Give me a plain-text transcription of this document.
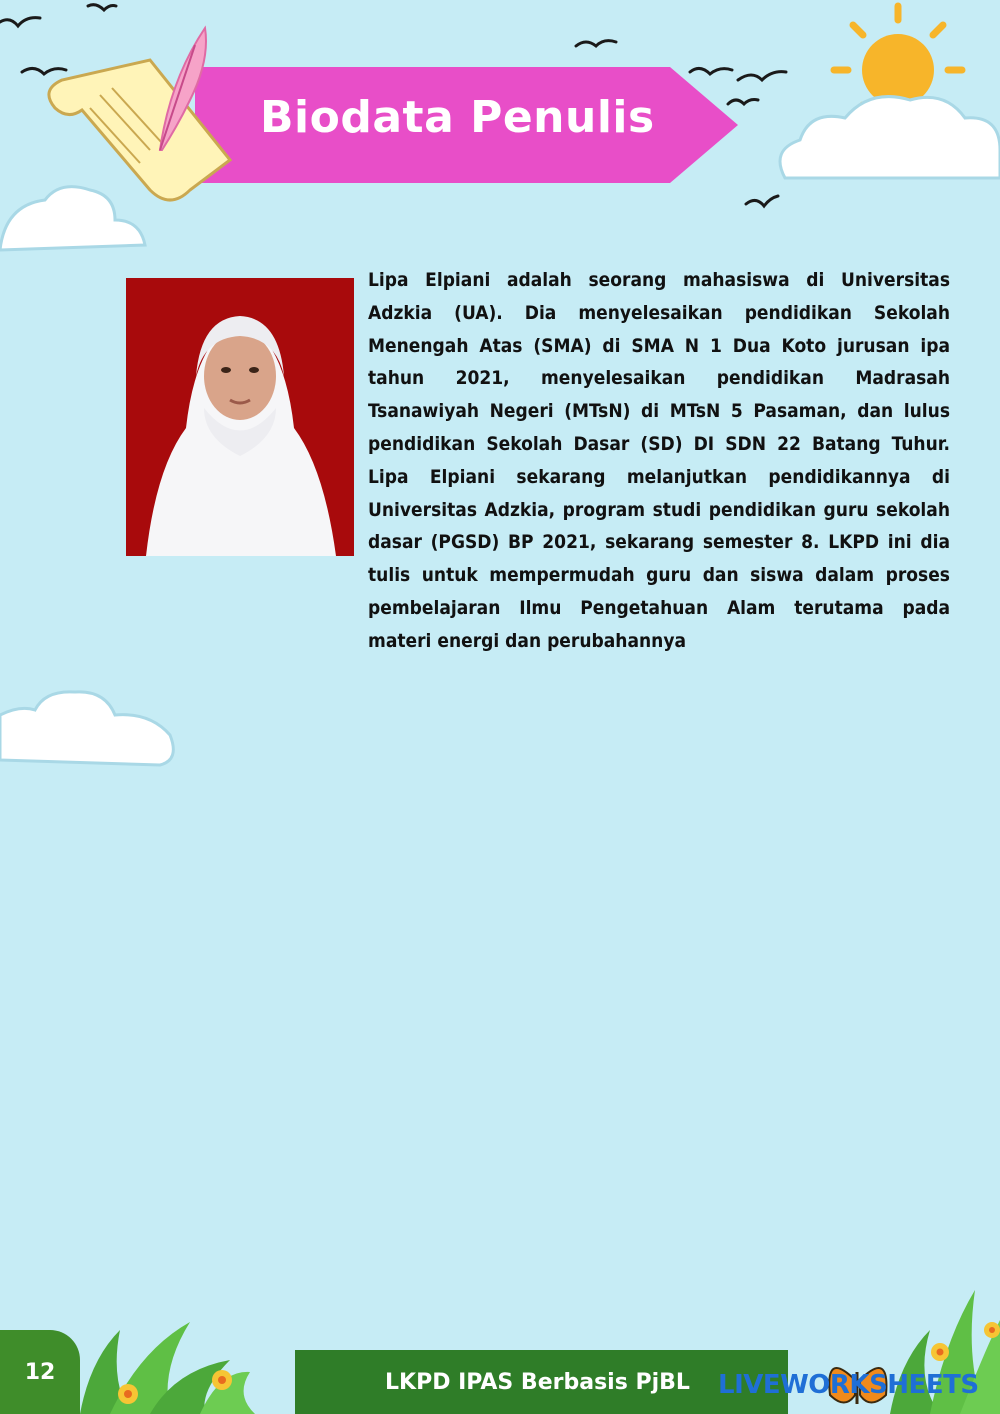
Biodata Penulis
Lipa Elpiani adalah seorang mahasiswa di Universitas Adzkia (UA). Dia menyelesaikan pendidikan Sekolah Menengah Atas (SMA) di SMA N 1 Dua Koto jurusan ipa tahun 2021, menyelesaikan pendidikan Madrasah Tsanawiyah Negeri (MTsN) di MTsN 5 Pasaman, dan lulus pendidikan Sekolah Dasar (SD) DI SDN 22 Batang Tuhur. Lipa Elpiani sekarang melanjutkan pendidikannya di Universitas Adzkia, program studi pendidikan guru sekolah dasar (PGSD) BP 2021, sekarang semester 8. LKPD ini dia tulis untuk mempermudah guru dan siswa dalam proses pembelajaran Ilmu Pengetahuan Alam terutama pada materi energi dan perubahannya
12	LKPD IPAS Berbasis PjBL LIVEWORKSHEETS
